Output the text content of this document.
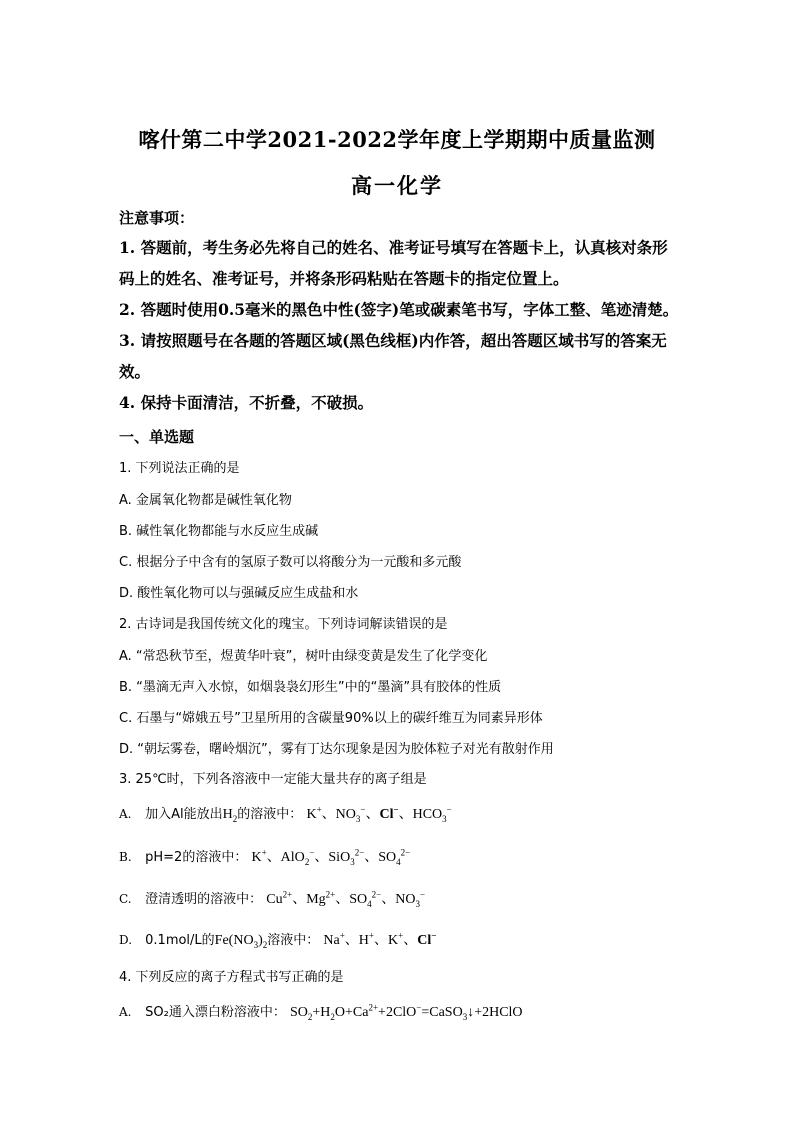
喀什第二中学2021-2022学年度上学期期中质量监测
高一化学
注意事项：
1. 答题前，考生务必先将自己的姓名、准考证号填写在答题卡上，认真核对条形码上的姓名、准考证号，并将条形码粘贴在答题卡的指定位置上。
2. 答题时使用0.5毫米的黑色中性(签字)笔或碳素笔书写，字体工整、笔迹清楚。
3. 请按照题号在各题的答题区域(黑色线框)内作答，超出答题区域书写的答案无效。
4. 保持卡面清洁，不折叠，不破损。
一、单选题
1. 下列说法正确的是
A. 金属氧化物都是碱性氧化物
B. 碱性氧化物都能与水反应生成碱
C. 根据分子中含有的氢原子数可以将酸分为一元酸和多元酸
D. 酸性氧化物可以与强碱反应生成盐和水
2. 古诗词是我国传统文化的瑰宝。下列诗词解读错误的是
A. “常恐秋节至，煜黄华叶衰”，树叶由绿变黄是发生了化学变化
B. “墨滴无声入水惊，如烟袅袅幻形生”中的“墨滴”具有胶体的性质
C. 石墨与“嫦娥五号”卫星所用的含碳量90%以上的碳纤维互为同素异形体
D. “朝坛雾卷，曙岭烟沉”，雾有丁达尔现象是因为胶体粒子对光有散射作用
3. 25℃时，下列各溶液中一定能大量共存的离子组是
A. 加入Al能放出$H_2$的溶液中： K+、$NO_3^-$、Cl−、$HCO_3^-$
B. pH=2的溶液中： K+、AlO$_2$−、SiO$_3^{2-}$、$SO_4^{2-}$
C. 澄清透明的溶液中： $Cu^{2+}$、$Mg^{2+}$、$SO_4^{2-}$、$NO_3^-$
D. 0.1mol/L的$Fe(NO_3)_2$溶液中： Na+、H+、K+、Cl−
4. 下列反应的离子方程式书写正确的是
A. SO₂通入漂白粉溶液中： $SO_2+H_2O+Ca^{2+}+2ClO^-=CaSO_3↓+2HClO$
